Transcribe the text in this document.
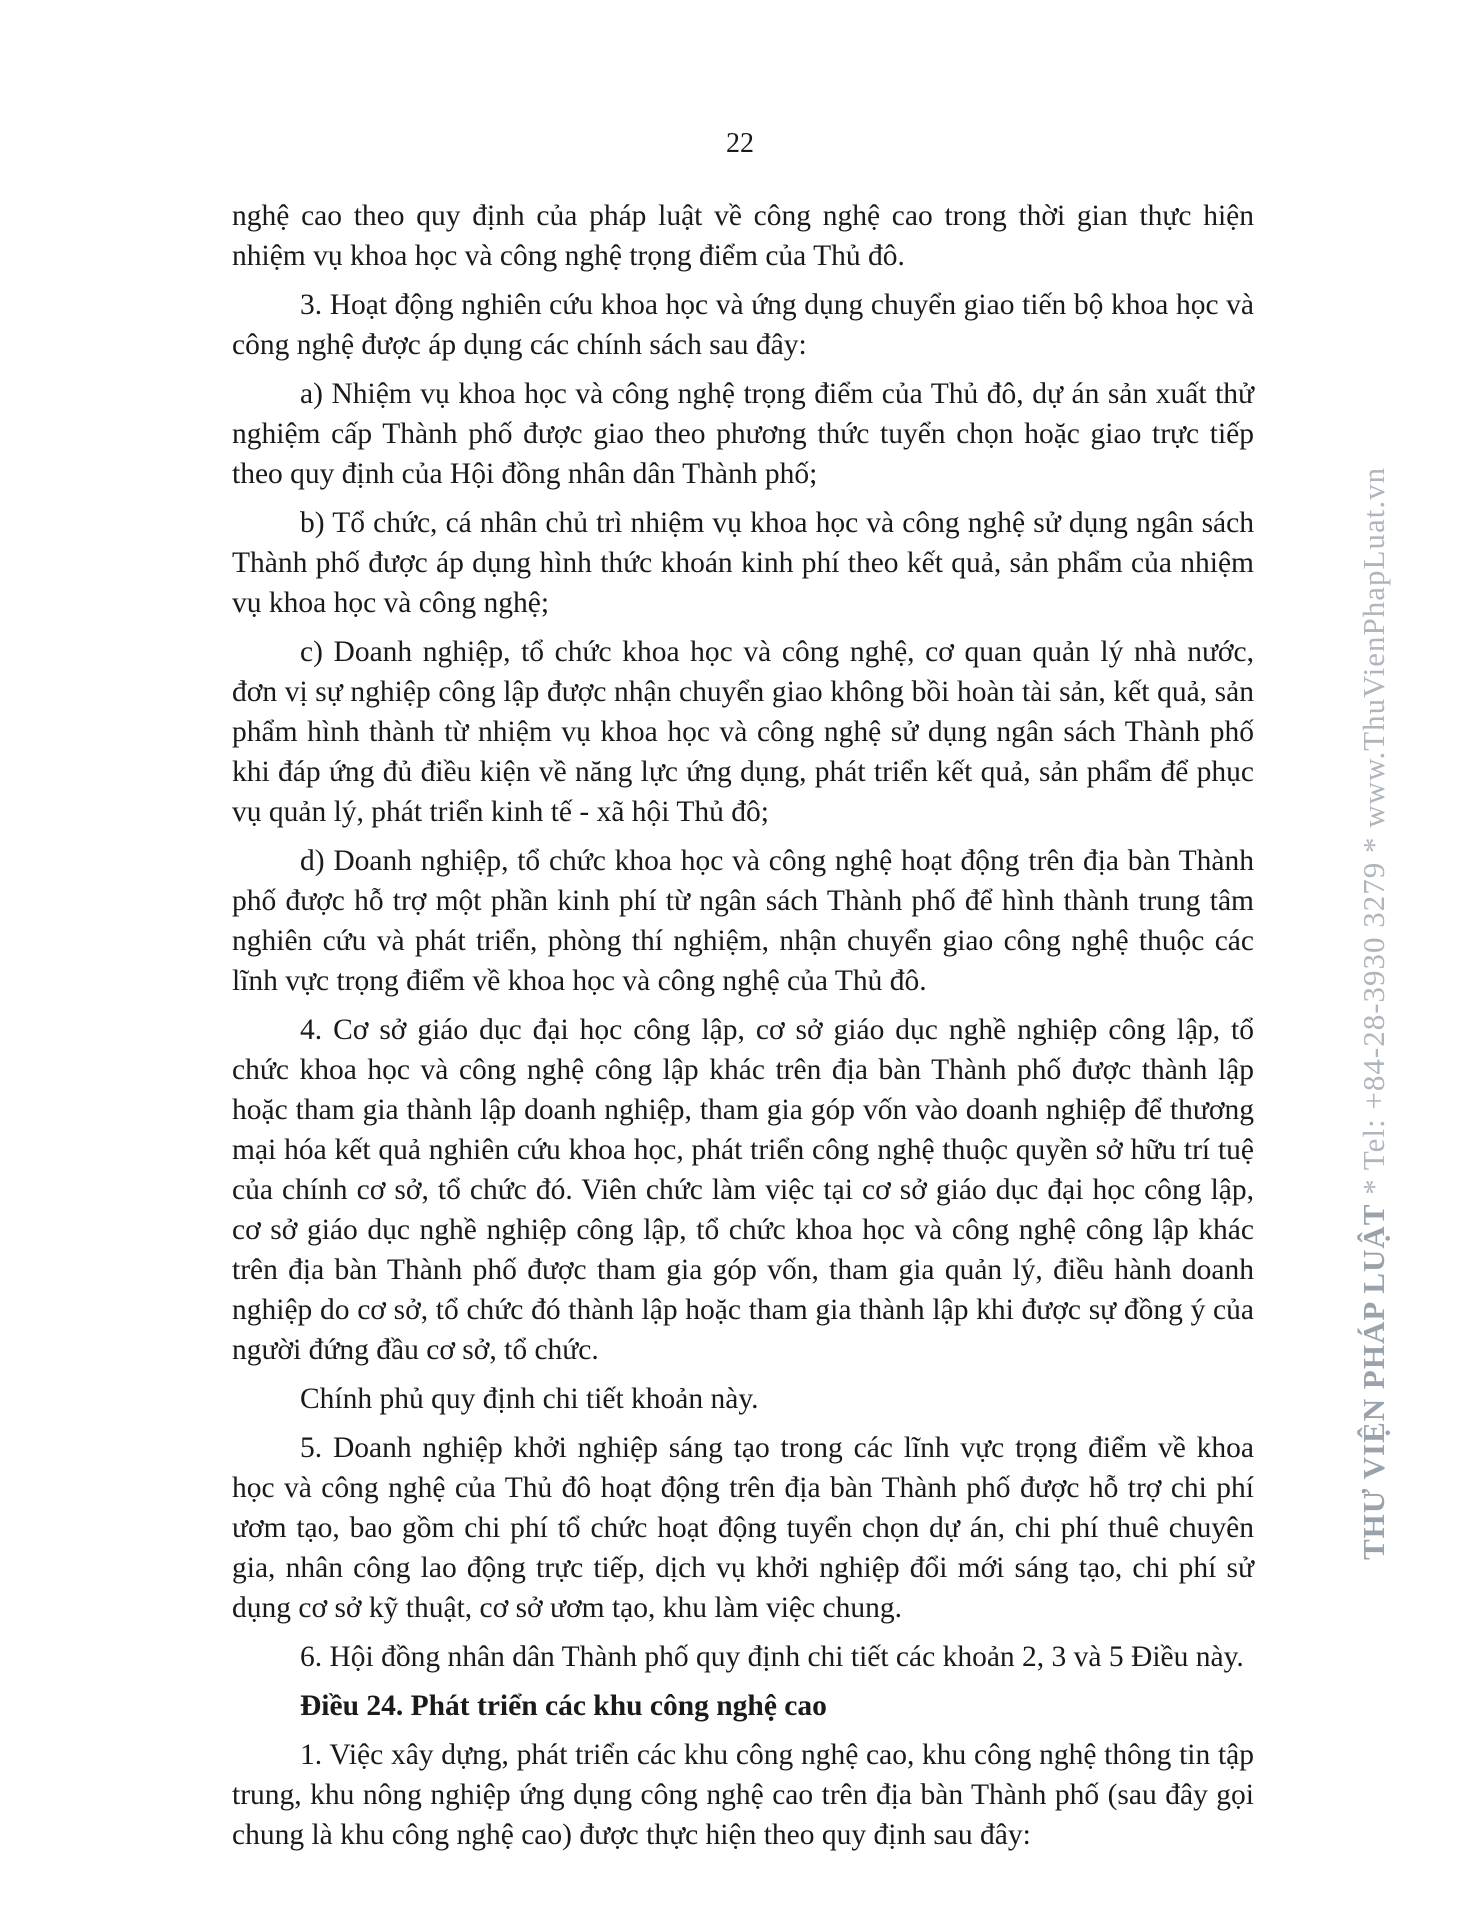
22

nghệ cao theo quy định của pháp luật về công nghệ cao trong thời gian thực hiện nhiệm vụ khoa học và công nghệ trọng điểm của Thủ đô.

3. Hoạt động nghiên cứu khoa học và ứng dụng chuyển giao tiến bộ khoa học và công nghệ được áp dụng các chính sách sau đây:

a) Nhiệm vụ khoa học và công nghệ trọng điểm của Thủ đô, dự án sản xuất thử nghiệm cấp Thành phố được giao theo phương thức tuyển chọn hoặc giao trực tiếp theo quy định của Hội đồng nhân dân Thành phố;

b) Tổ chức, cá nhân chủ trì nhiệm vụ khoa học và công nghệ sử dụng ngân sách Thành phố được áp dụng hình thức khoán kinh phí theo kết quả, sản phẩm của nhiệm vụ khoa học và công nghệ;

c) Doanh nghiệp, tổ chức khoa học và công nghệ, cơ quan quản lý nhà nước, đơn vị sự nghiệp công lập được nhận chuyển giao không bồi hoàn tài sản, kết quả, sản phẩm hình thành từ nhiệm vụ khoa học và công nghệ sử dụng ngân sách Thành phố khi đáp ứng đủ điều kiện về năng lực ứng dụng, phát triển kết quả, sản phẩm để phục vụ quản lý, phát triển kinh tế - xã hội Thủ đô;

d) Doanh nghiệp, tổ chức khoa học và công nghệ hoạt động trên địa bàn Thành phố được hỗ trợ một phần kinh phí từ ngân sách Thành phố để hình thành trung tâm nghiên cứu và phát triển, phòng thí nghiệm, nhận chuyển giao công nghệ thuộc các lĩnh vực trọng điểm về khoa học và công nghệ của Thủ đô.

4. Cơ sở giáo dục đại học công lập, cơ sở giáo dục nghề nghiệp công lập, tổ chức khoa học và công nghệ công lập khác trên địa bàn Thành phố được thành lập hoặc tham gia thành lập doanh nghiệp, tham gia góp vốn vào doanh nghiệp để thương mại hóa kết quả nghiên cứu khoa học, phát triển công nghệ thuộc quyền sở hữu trí tuệ của chính cơ sở, tổ chức đó. Viên chức làm việc tại cơ sở giáo dục đại học công lập, cơ sở giáo dục nghề nghiệp công lập, tổ chức khoa học và công nghệ công lập khác trên địa bàn Thành phố được tham gia góp vốn, tham gia quản lý, điều hành doanh nghiệp do cơ sở, tổ chức đó thành lập hoặc tham gia thành lập khi được sự đồng ý của người đứng đầu cơ sở, tổ chức.

Chính phủ quy định chi tiết khoản này.

5. Doanh nghiệp khởi nghiệp sáng tạo trong các lĩnh vực trọng điểm về khoa học và công nghệ của Thủ đô hoạt động trên địa bàn Thành phố được hỗ trợ chi phí ươm tạo, bao gồm chi phí tổ chức hoạt động tuyển chọn dự án, chi phí thuê chuyên gia, nhân công lao động trực tiếp, dịch vụ khởi nghiệp đổi mới sáng tạo, chi phí sử dụng cơ sở kỹ thuật, cơ sở ươm tạo, khu làm việc chung.

6. Hội đồng nhân dân Thành phố quy định chi tiết các khoản 2, 3 và 5 Điều này.

Điều 24. Phát triển các khu công nghệ cao

1. Việc xây dựng, phát triển các khu công nghệ cao, khu công nghệ thông tin tập trung, khu nông nghiệp ứng dụng công nghệ cao trên địa bàn Thành phố (sau đây gọi chung là khu công nghệ cao) được thực hiện theo quy định sau đây:

THƯ VIỆN PHÁP LUẬT * Tel: +84-28-3930 3279 * www.ThuVienPhapLuat.vn
